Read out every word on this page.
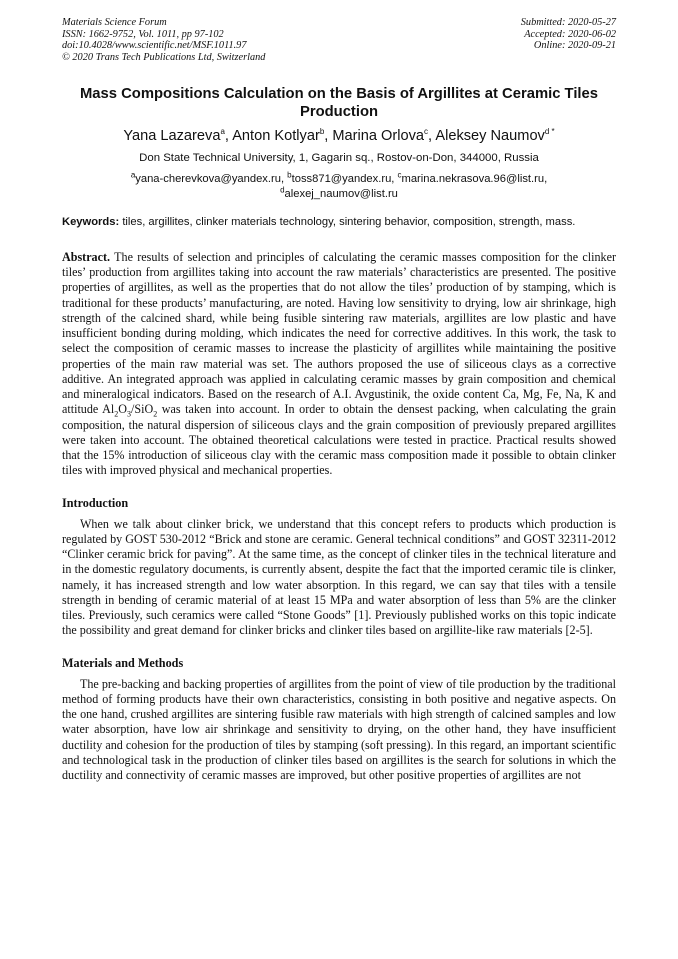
Materials Science Forum
ISSN: 1662-9752, Vol. 1011, pp 97-102
doi:10.4028/www.scientific.net/MSF.1011.97
© 2020 Trans Tech Publications Ltd, Switzerland
Submitted: 2020-05-27
Accepted: 2020-06-02
Online: 2020-09-21
Mass Compositions Calculation on the Basis of Argillites at Ceramic Tiles Production
Yana Lazareva$^a$, Anton Kotlyar$^b$, Marina Orlova$^c$, Aleksey Naumov$^{d *}$
Don State Technical University, 1, Gagarin sq., Rostov-on-Don, 344000, Russia
$^a$yana-cherevkova@yandex.ru, $^b$toss871@yandex.ru, $^c$marina.nekrasova.96@list.ru,
$^d$alexej_naumov@list.ru
Keywords: tiles, argillites, clinker materials technology, sintering behavior, composition, strength, mass.
Abstract. The results of selection and principles of calculating the ceramic masses composition for the clinker tiles’ production from argillites taking into account the raw materials’ characteristics are presented. The positive properties of argillites, as well as the properties that do not allow the tiles’ production of by stamping, which is traditional for these products’ manufacturing, are noted. Having low sensitivity to drying, low air shrinkage, high strength of the calcined shard, while being fusible sintering raw materials, argillites are low plastic and have insufficient bonding during molding, which indicates the need for corrective additives. In this work, the task to select the composition of ceramic masses to increase the plasticity of argillites while maintaining the positive properties of the main raw material was set. The authors proposed the use of siliceous clays as a corrective additive. An integrated approach was applied in calculating ceramic masses by grain composition and chemical and mineralogical indicators. Based on the research of A.I. Avgustinik, the oxide content Ca, Mg, Fe, Na, K and attitude $Al_2O_3/SiO_2$ was taken into account. In order to obtain the densest packing, when calculating the grain composition, the natural dispersion of siliceous clays and the grain composition of previously prepared argillites were taken into account. The obtained theoretical calculations were tested in practice. Practical results showed that the 15% introduction of siliceous clay with the ceramic mass composition made it possible to obtain clinker tiles with improved physical and mechanical properties.
Introduction

When we talk about clinker brick, we understand that this concept refers to products which production is regulated by GOST 530-2012 “Brick and stone are ceramic. General technical conditions” and GOST 32311-2012 “Clinker ceramic brick for paving”. At the same time, as the concept of clinker tiles in the technical literature and in the domestic regulatory documents, is currently absent, despite the fact that the imported ceramic tile is clinker, namely, it has increased strength and low water absorption. In this regard, we can say that tiles with a tensile strength in bending of ceramic material of at least 15 MPa and water absorption of less than 5% are the clinker tiles. Previously, such ceramics were called “Stone Goods” [1]. Previously published works on this topic indicate the possibility and great demand for clinker bricks and clinker tiles based on argillite-like raw materials [2-5].

Materials and Methods

The pre-backing and backing properties of argillites from the point of view of tile production by the traditional method of forming products have their own characteristics, consisting in both positive and negative aspects. On the one hand, crushed argillites are sintering fusible raw materials with high strength of calcined samples and low water absorption, have low air shrinkage and sensitivity to drying, on the other hand, they have insufficient ductility and cohesion for the production of tiles by stamping (soft pressing). In this regard, an important scientific and technological task in the production of clinker tiles based on argillites is the search for solutions in which the ductility and connectivity of ceramic masses are improved, but other positive properties of argillites are not
